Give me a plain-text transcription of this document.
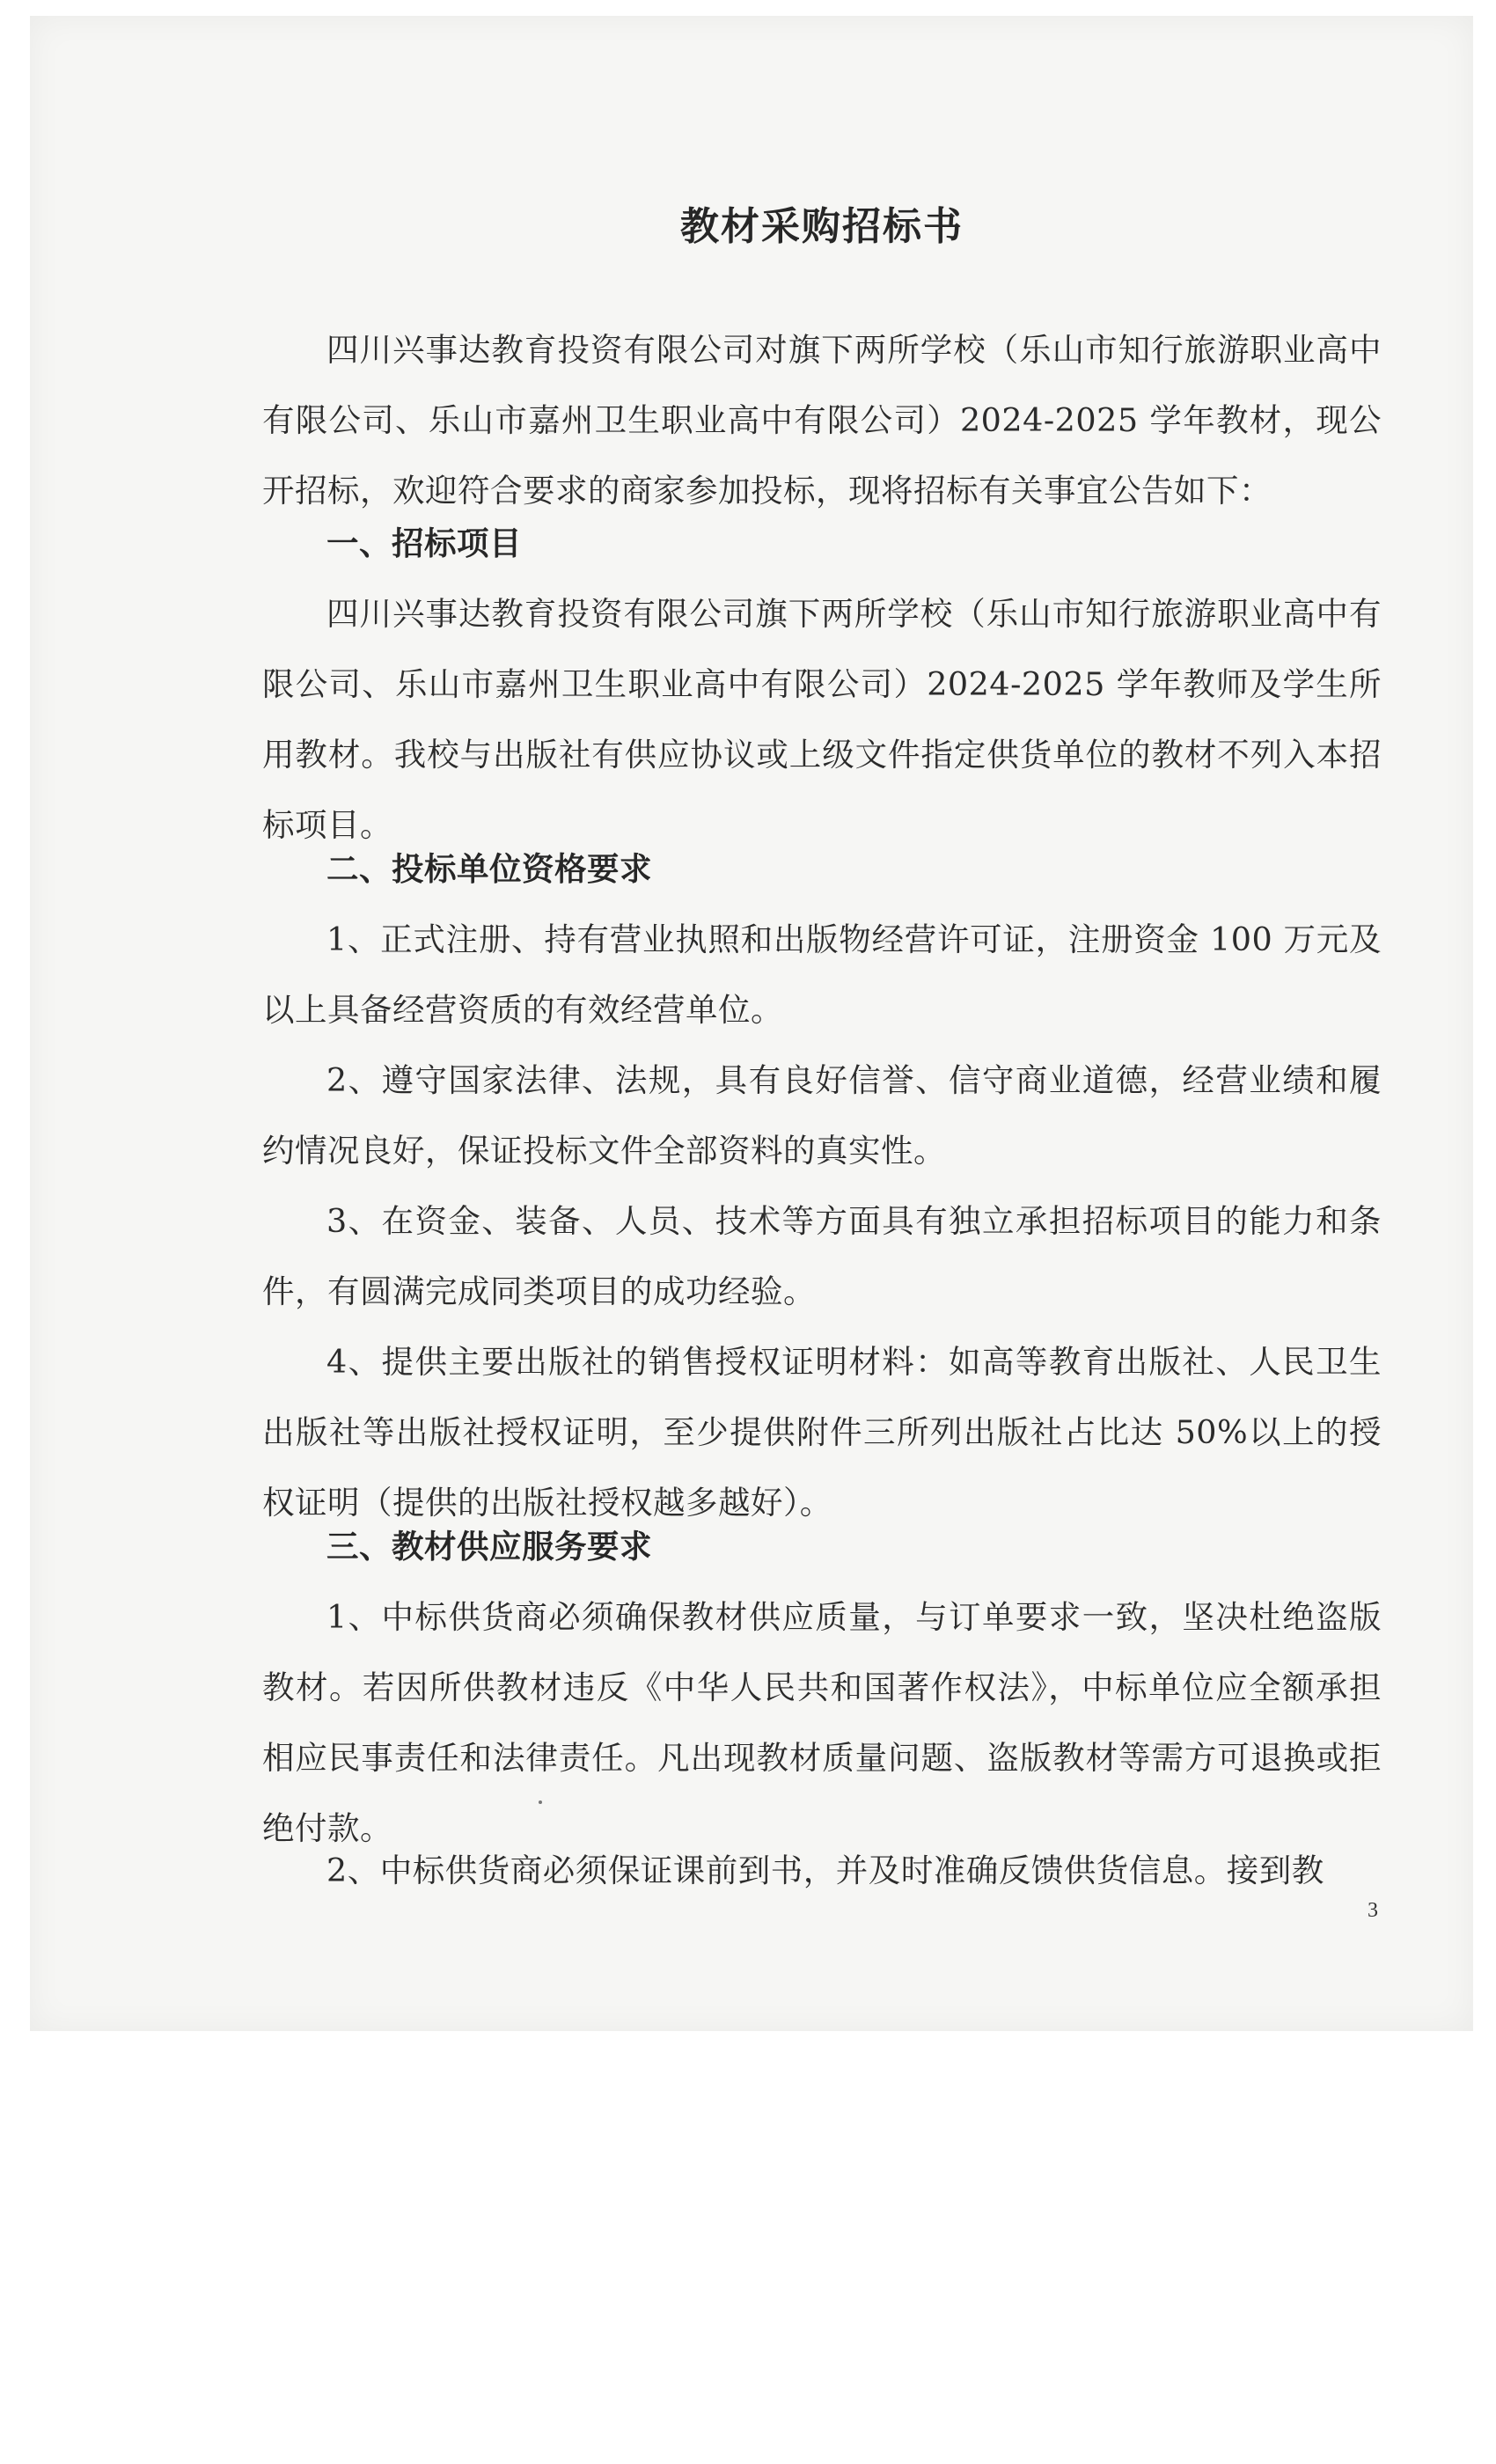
教材采购招标书
四川兴事达教育投资有限公司对旗下两所学校（乐山市知行旅游职业高中有限公司、乐山市嘉州卫生职业高中有限公司）2024-2025 学年教材，现公开招标，欢迎符合要求的商家参加投标，现将招标有关事宜公告如下：
一、招标项目
四川兴事达教育投资有限公司旗下两所学校（乐山市知行旅游职业高中有限公司、乐山市嘉州卫生职业高中有限公司）2024-2025 学年教师及学生所用教材。我校与出版社有供应协议或上级文件指定供货单位的教材不列入本招标项目。
二、投标单位资格要求
1、正式注册、持有营业执照和出版物经营许可证，注册资金 100 万元及以上具备经营资质的有效经营单位。
2、遵守国家法律、法规，具有良好信誉、信守商业道德，经营业绩和履约情况良好，保证投标文件全部资料的真实性。
3、在资金、装备、人员、技术等方面具有独立承担招标项目的能力和条件，有圆满完成同类项目的成功经验。
4、提供主要出版社的销售授权证明材料：如高等教育出版社、人民卫生出版社等出版社授权证明，至少提供附件三所列出版社占比达 50%以上的授权证明（提供的出版社授权越多越好）。
三、教材供应服务要求
1、中标供货商必须确保教材供应质量，与订单要求一致，坚决杜绝盗版教材。若因所供教材违反《中华人民共和国著作权法》，中标单位应全额承担相应民事责任和法律责任。凡出现教材质量问题、盗版教材等需方可退换或拒绝付款。
2、中标供货商必须保证课前到书，并及时准确反馈供货信息。接到教
3
